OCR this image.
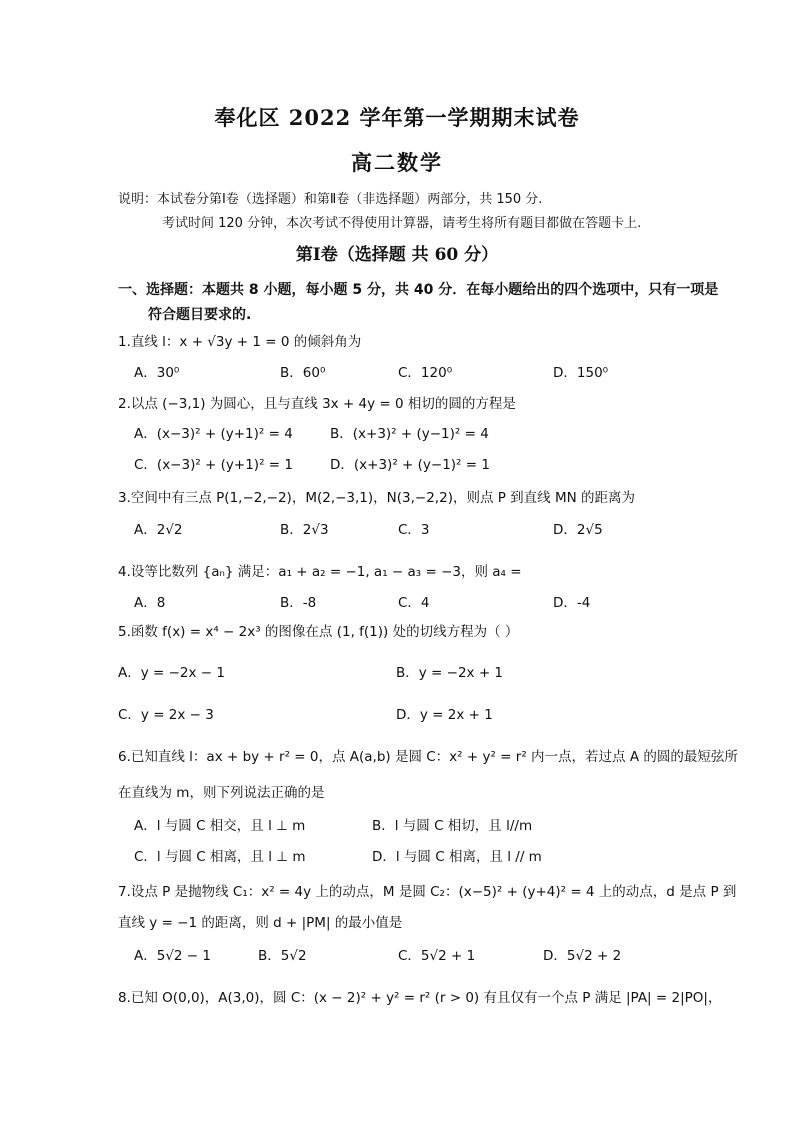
奉化区 2022 学年第一学期期末试卷
高二数学
说明：本试卷分第Ⅰ卷（选择题）和第Ⅱ卷（非选择题）两部分，共 150 分.
考试时间 120 分钟，本次考试不得使用计算器，请考生将所有题目都做在答题卡上.
第Ⅰ卷（选择题 共 60 分）
一、选择题：本题共 8 小题，每小题 5 分，共 40 分．在每小题给出的四个选项中，只有一项是
符合题目要求的.
1.直线 l：x + √3y + 1 = 0 的倾斜角为
A．30⁰	B．60⁰	C．120⁰	D．150⁰
2.以点 (−3,1) 为圆心，且与直线 3x + 4y = 0 相切的圆的方程是
A．(x−3)² + (y+1)² = 4	B．(x+3)² + (y−1)² = 4
C．(x−3)² + (y+1)² = 1	D．(x+3)² + (y−1)² = 1
3.空间中有三点 P(1,−2,−2)，M(2,−3,1)，N(3,−2,2)，则点 P 到直线 MN 的距离为
A．2√2	B．2√3	C．3	D．2√5
4.设等比数列 {aₙ} 满足：a₁ + a₂ = −1, a₁ − a₃ = −3，则 a₄ =
A．8	B．-8	C．4	D．-4
5.函数 f(x) = x⁴ − 2x³ 的图像在点 (1, f(1)) 处的切线方程为（ ）
A．y = −2x − 1	B．y = −2x + 1
C．y = 2x − 3	D．y = 2x + 1
6.已知直线 l：ax + by + r² = 0，点 A(a,b) 是圆 C：x² + y² = r² 内一点，若过点 A 的圆的最短弦所
在直线为 m，则下列说法正确的是
A．l 与圆 C 相交，且 l ⊥ m	B．l 与圆 C 相切，且 l//m
C．l 与圆 C 相离，且 l ⊥ m	D．l 与圆 C 相离，且 l // m
7.设点 P 是抛物线 C₁：x² = 4y 上的动点，M 是圆 C₂：(x−5)² + (y+4)² = 4 上的动点，d 是点 P 到
直线 y = −1 的距离，则 d + |PM| 的最小值是
A．5√2 − 1	B．5√2	C．5√2 + 1	D．5√2 + 2
8.已知 O(0,0)，A(3,0)，圆 C：(x − 2)² + y² = r² (r > 0) 有且仅有一个点 P 满足 |PA| = 2|PO|，
